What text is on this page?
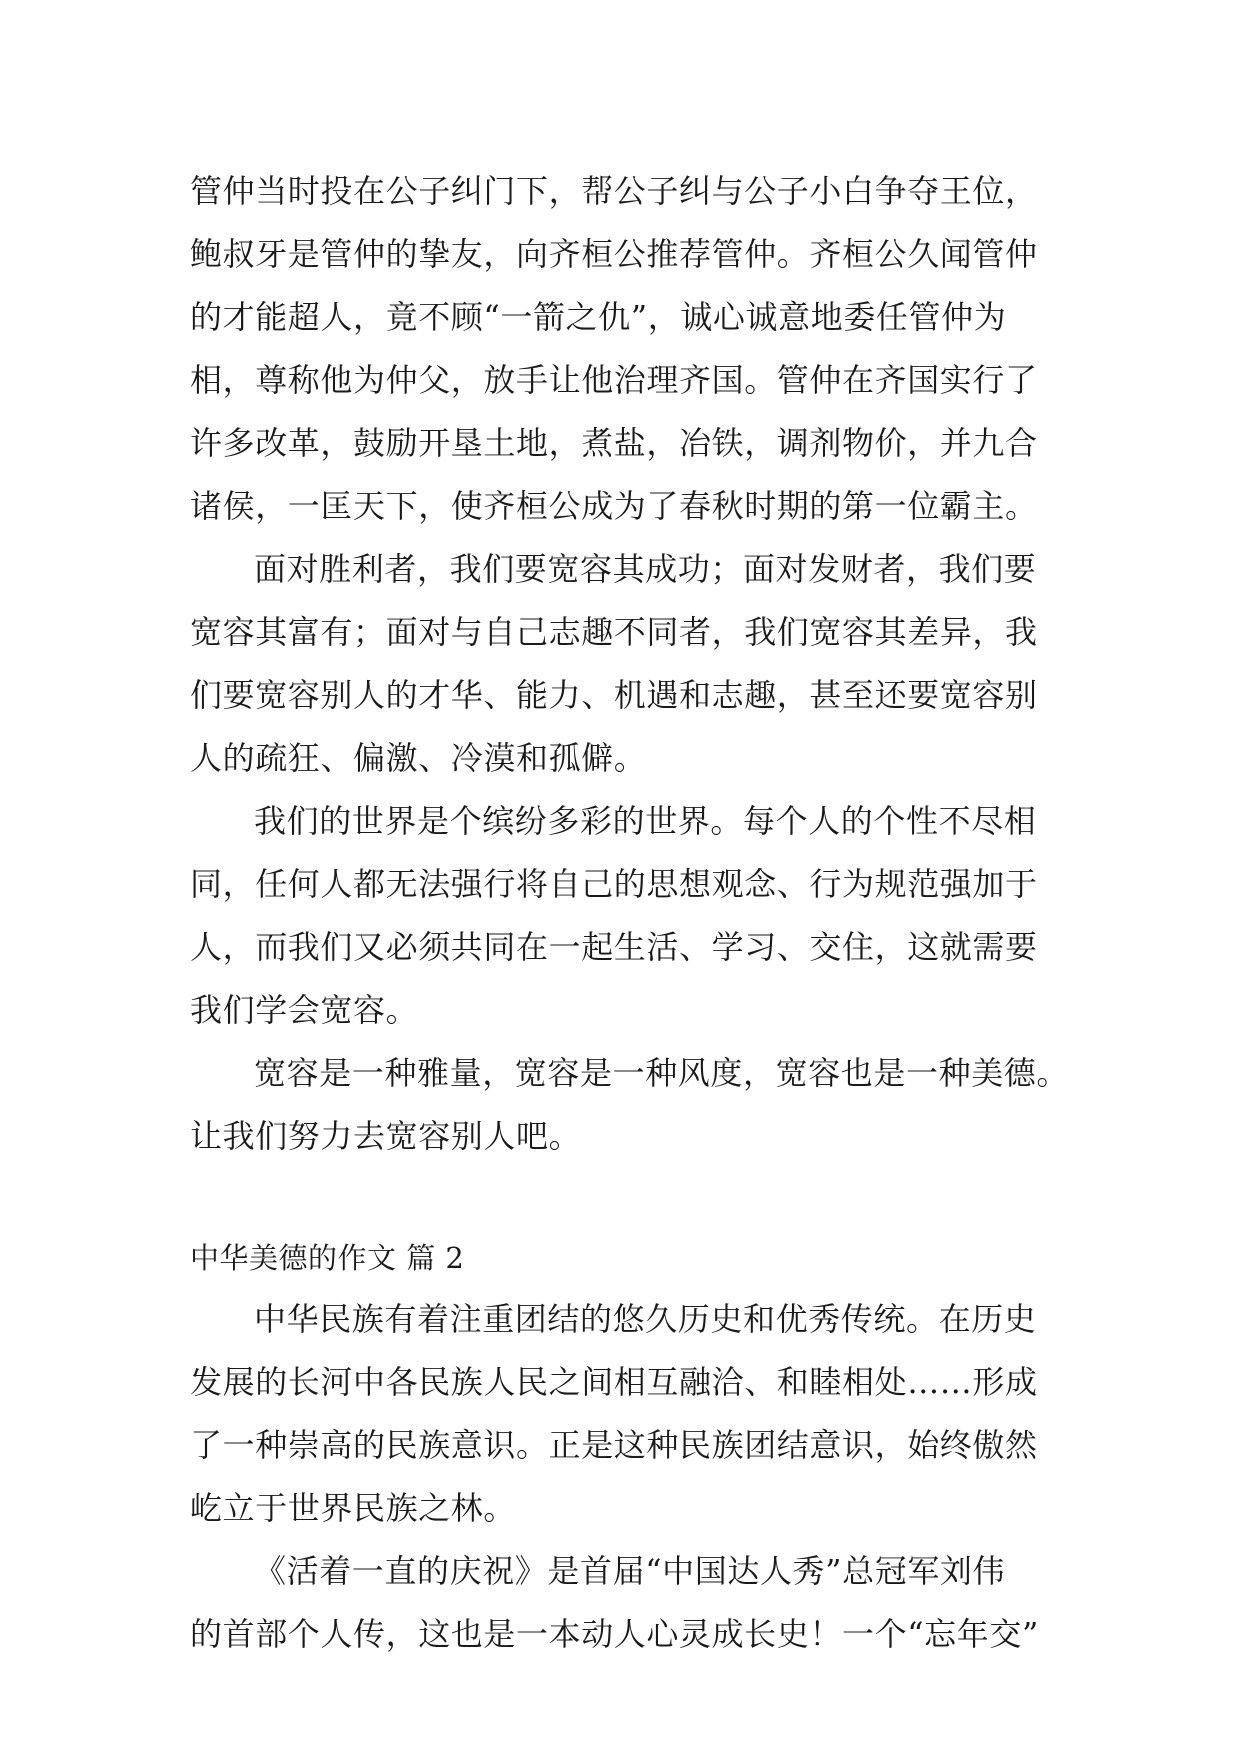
管仲当时投在公子纠门下，帮公子纠与公子小白争夺王位，
鲍叔牙是管仲的挚友，向齐桓公推荐管仲。齐桓公久闻管仲
的才能超人，竟不顾“一箭之仇”，诚心诚意地委任管仲为
相，尊称他为仲父，放手让他治理齐国。管仲在齐国实行了
许多改革，鼓励开垦土地，煮盐，冶铁，调剂物价，并九合
诸侯，一匡天下，使齐桓公成为了春秋时期的第一位霸主。
面对胜利者，我们要宽容其成功；面对发财者，我们要
宽容其富有；面对与自己志趣不同者，我们宽容其差异，我
们要宽容别人的才华、能力、机遇和志趣，甚至还要宽容别
人的疏狂、偏激、冷漠和孤僻。
我们的世界是个缤纷多彩的世界。每个人的个性不尽相
同，任何人都无法强行将自己的思想观念、行为规范强加于
人，而我们又必须共同在一起生活、学习、交住，这就需要
我们学会宽容。
宽容是一种雅量，宽容是一种风度，宽容也是一种美德。
让我们努力去宽容别人吧。
中华美德的作文 篇 2
中华民族有着注重团结的悠久历史和优秀传统。在历史
发展的长河中各民族人民之间相互融洽、和睦相处……形成
了一种崇高的民族意识。正是这种民族团结意识，始终傲然
屹立于世界民族之林。
《活着一直的庆祝》是首届“中国达人秀”总冠军刘伟
的首部个人传，这也是一本动人心灵成长史！一个“忘年交”
